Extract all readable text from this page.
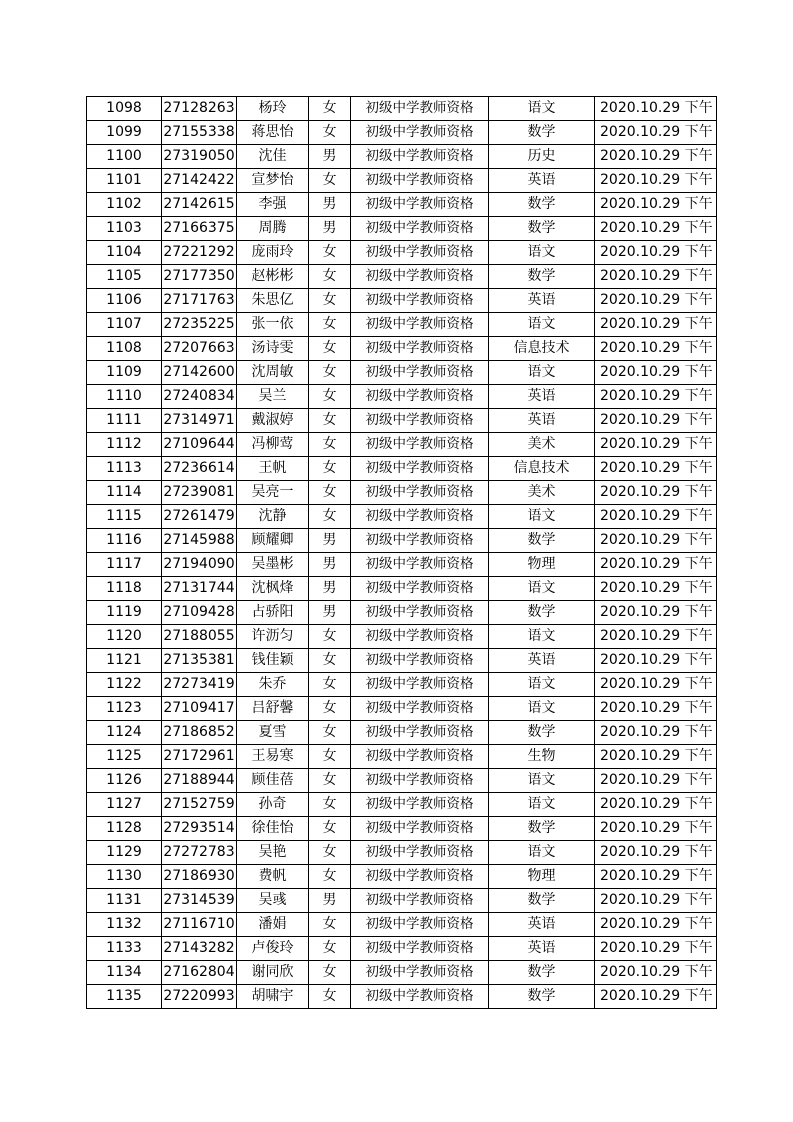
1098	27128263	杨玲	女	初级中学教师资格	语文	2020.10.29 下午
1099	27155338	蒋思怡	女	初级中学教师资格	数学	2020.10.29 下午
1100	27319050	沈佳	男	初级中学教师资格	历史	2020.10.29 下午
1101	27142422	宣梦怡	女	初级中学教师资格	英语	2020.10.29 下午
1102	27142615	李强	男	初级中学教师资格	数学	2020.10.29 下午
1103	27166375	周腾	男	初级中学教师资格	数学	2020.10.29 下午
1104	27221292	庞雨玲	女	初级中学教师资格	语文	2020.10.29 下午
1105	27177350	赵彬彬	女	初级中学教师资格	数学	2020.10.29 下午
1106	27171763	朱思亿	女	初级中学教师资格	英语	2020.10.29 下午
1107	27235225	张一依	女	初级中学教师资格	语文	2020.10.29 下午
1108	27207663	汤诗雯	女	初级中学教师资格	信息技术	2020.10.29 下午
1109	27142600	沈周敏	女	初级中学教师资格	语文	2020.10.29 下午
1110	27240834	吴兰	女	初级中学教师资格	英语	2020.10.29 下午
1111	27314971	戴淑婷	女	初级中学教师资格	英语	2020.10.29 下午
1112	27109644	冯柳莺	女	初级中学教师资格	美术	2020.10.29 下午
1113	27236614	王帆	女	初级中学教师资格	信息技术	2020.10.29 下午
1114	27239081	吴亮一	女	初级中学教师资格	美术	2020.10.29 下午
1115	27261479	沈静	女	初级中学教师资格	语文	2020.10.29 下午
1116	27145988	顾耀卿	男	初级中学教师资格	数学	2020.10.29 下午
1117	27194090	吴墨彬	男	初级中学教师资格	物理	2020.10.29 下午
1118	27131744	沈枫烽	男	初级中学教师资格	语文	2020.10.29 下午
1119	27109428	占骄阳	男	初级中学教师资格	数学	2020.10.29 下午
1120	27188055	许沥匀	女	初级中学教师资格	语文	2020.10.29 下午
1121	27135381	钱佳颖	女	初级中学教师资格	英语	2020.10.29 下午
1122	27273419	朱乔	女	初级中学教师资格	语文	2020.10.29 下午
1123	27109417	吕舒馨	女	初级中学教师资格	语文	2020.10.29 下午
1124	27186852	夏雪	女	初级中学教师资格	数学	2020.10.29 下午
1125	27172961	王易寒	女	初级中学教师资格	生物	2020.10.29 下午
1126	27188944	顾佳蓓	女	初级中学教师资格	语文	2020.10.29 下午
1127	27152759	孙奇	女	初级中学教师资格	语文	2020.10.29 下午
1128	27293514	徐佳怡	女	初级中学教师资格	数学	2020.10.29 下午
1129	27272783	吴艳	女	初级中学教师资格	语文	2020.10.29 下午
1130	27186930	费帆	女	初级中学教师资格	物理	2020.10.29 下午
1131	27314539	吴彧	男	初级中学教师资格	数学	2020.10.29 下午
1132	27116710	潘娟	女	初级中学教师资格	英语	2020.10.29 下午
1133	27143282	卢俊玲	女	初级中学教师资格	英语	2020.10.29 下午
1134	27162804	谢同欣	女	初级中学教师资格	数学	2020.10.29 下午
1135	27220993	胡啸宇	女	初级中学教师资格	数学	2020.10.29 下午
